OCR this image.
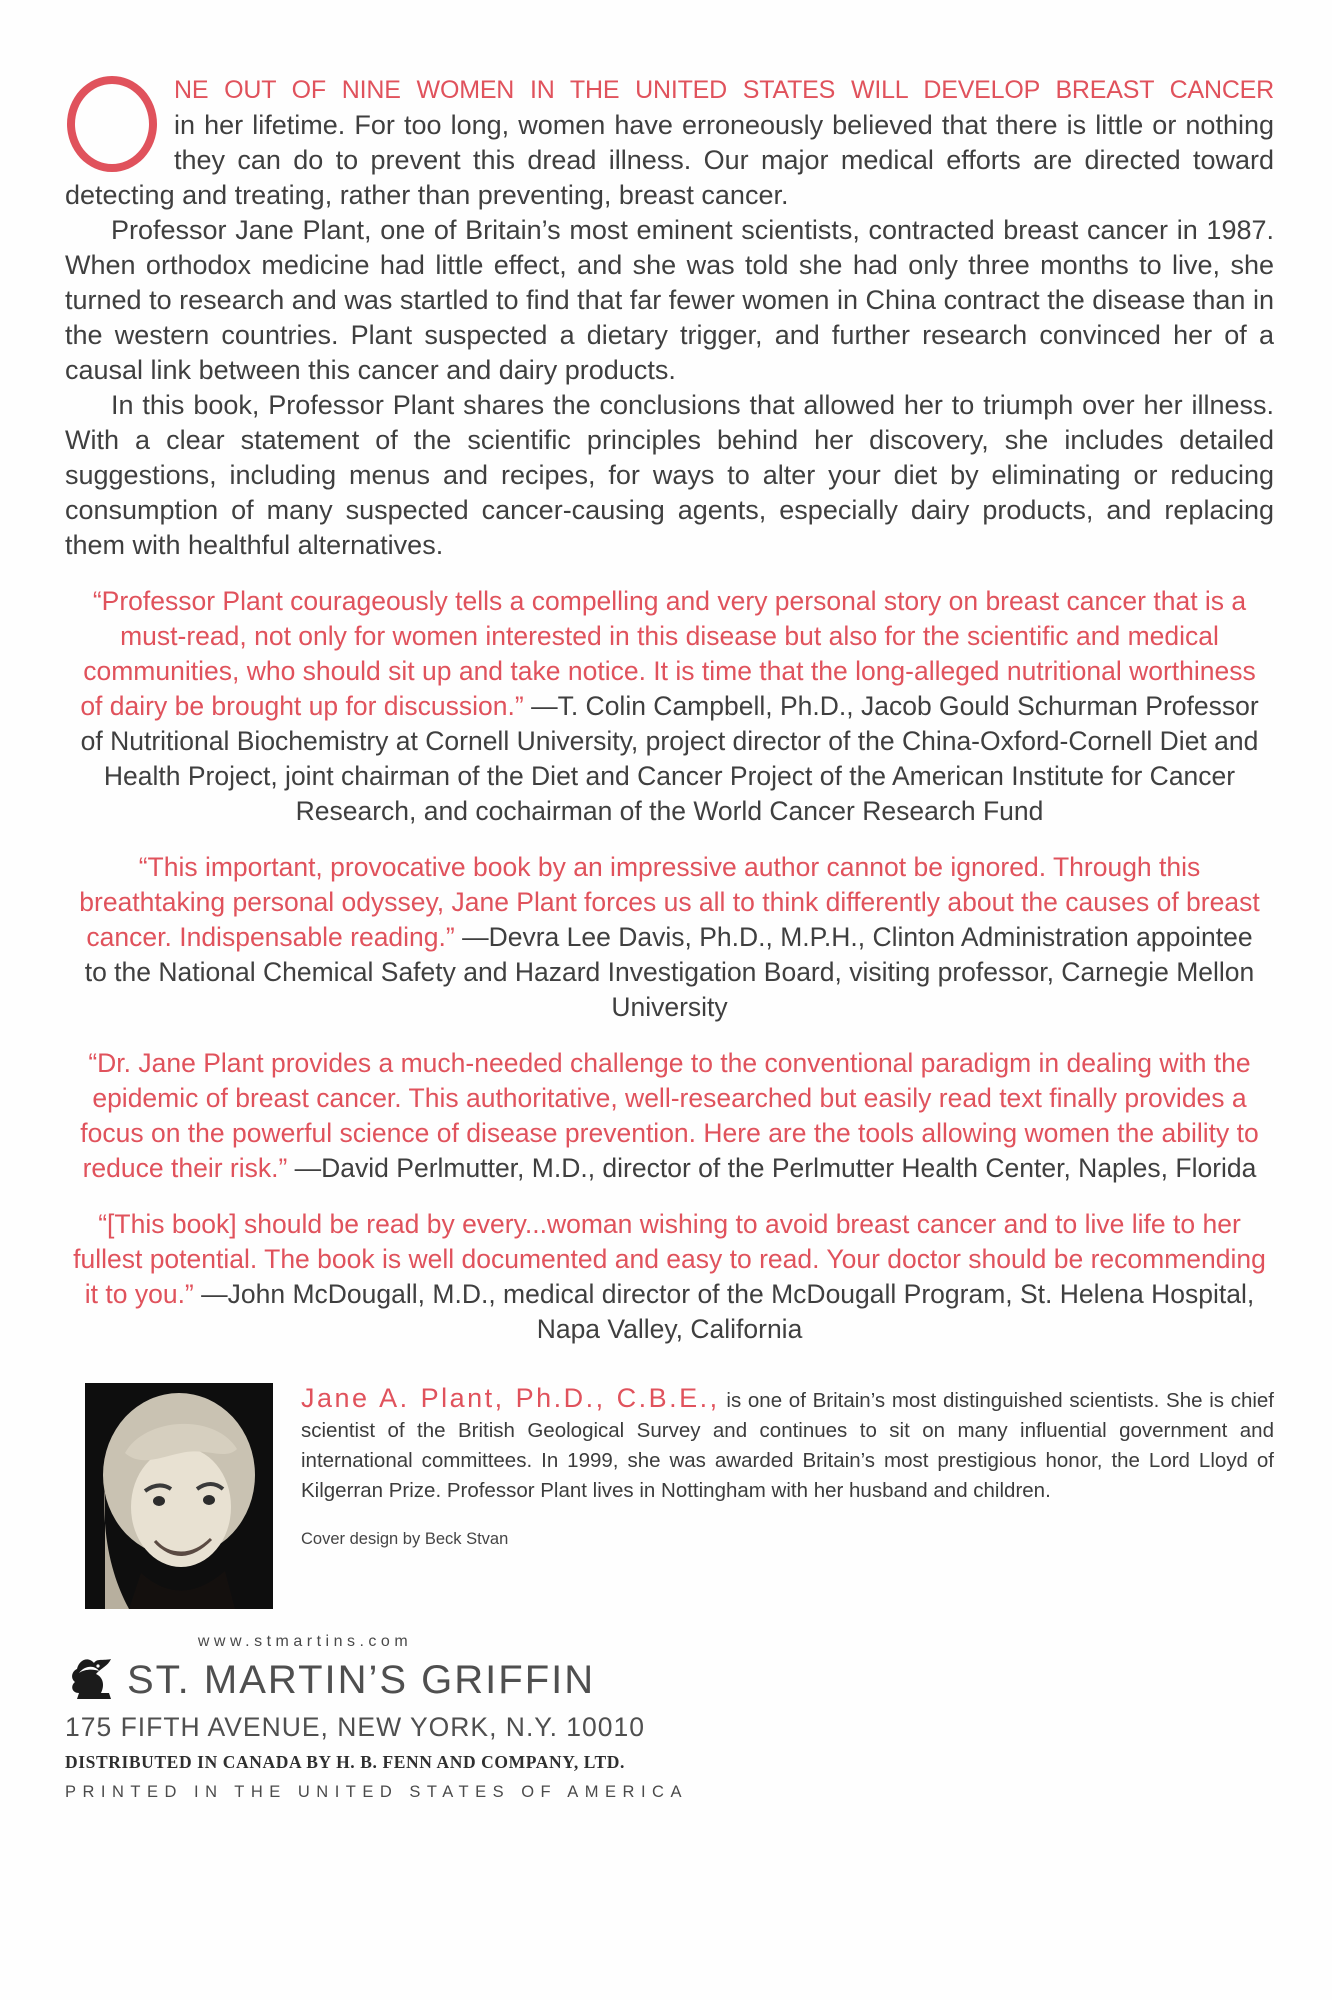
NE OUT OF NINE WOMEN IN THE UNITED STATES WILL DEVELOP BREAST CANCER
in her lifetime. For too long, women have erroneously believed that there is little or nothing they can do to prevent this dread illness. Our major medical efforts are directed toward detecting and treating, rather than preventing, breast cancer.

Professor Jane Plant, one of Britain’s most eminent scientists, contracted breast cancer in 1987. When orthodox medicine had little effect, and she was told she had only three months to live, she turned to research and was startled to find that far fewer women in China contract the disease than in the western countries. Plant suspected a dietary trigger, and further research convinced her of a causal link between this cancer and dairy products.

In this book, Professor Plant shares the conclusions that allowed her to triumph over her illness. With a clear statement of the scientific principles behind her discovery, she includes detailed suggestions, including menus and recipes, for ways to alter your diet by eliminating or reducing consumption of many suspected cancer-causing agents, especially dairy products, and replacing them with healthful alternatives.

“Professor Plant courageously tells a compelling and very personal story on breast cancer that is a must-read, not only for women interested in this disease but also for the scientific and medical communities, who should sit up and take notice. It is time that the long-alleged nutritional worthiness of dairy be brought up for discussion.” —T. Colin Campbell, Ph.D., Jacob Gould Schurman Professor of Nutritional Biochemistry at Cornell University, project director of the China-Oxford-Cornell Diet and Health Project, joint chairman of the Diet and Cancer Project of the American Institute for Cancer Research, and cochairman of the World Cancer Research Fund
“This important, provocative book by an impressive author cannot be ignored. Through this breathtaking personal odyssey, Jane Plant forces us all to think differently about the causes of breast cancer. Indispensable reading.” —Devra Lee Davis, Ph.D., M.P.H., Clinton Administration appointee to the National Chemical Safety and Hazard Investigation Board, visiting professor, Carnegie Mellon University
“Dr. Jane Plant provides a much-needed challenge to the conventional paradigm in dealing with the epidemic of breast cancer. This authoritative, well-researched but easily read text finally provides a focus on the powerful science of disease prevention. Here are the tools allowing women the ability to reduce their risk.” —David Perlmutter, M.D., director of the Perlmutter Health Center, Naples, Florida
“[This book] should be read by every...woman wishing to avoid breast cancer and to live life to her fullest potential. The book is well documented and easy to read. Your doctor should be recommending it to you.” —John McDougall, M.D., medical director of the McDougall Program, St. Helena Hospital, Napa Valley, California
Jane A. Plant, Ph.D., C.B.E., is one of Britain’s most distinguished scientists. She is chief scientist of the British Geological Survey and continues to sit on many influential government and international committees. In 1999, she was awarded Britain’s most prestigious honor, the Lord Lloyd of Kilgerran Prize. Professor Plant lives in Nottingham with her husband and children.
Cover design by Beck Stvan
www.stmartins.com
ST. MARTIN’S GRIFFIN
175 FIFTH AVENUE, NEW YORK, N.Y. 10010
DISTRIBUTED IN CANADA BY H. B. FENN AND COMPANY, LTD.
PRINTED IN THE UNITED STATES OF AMERICA
